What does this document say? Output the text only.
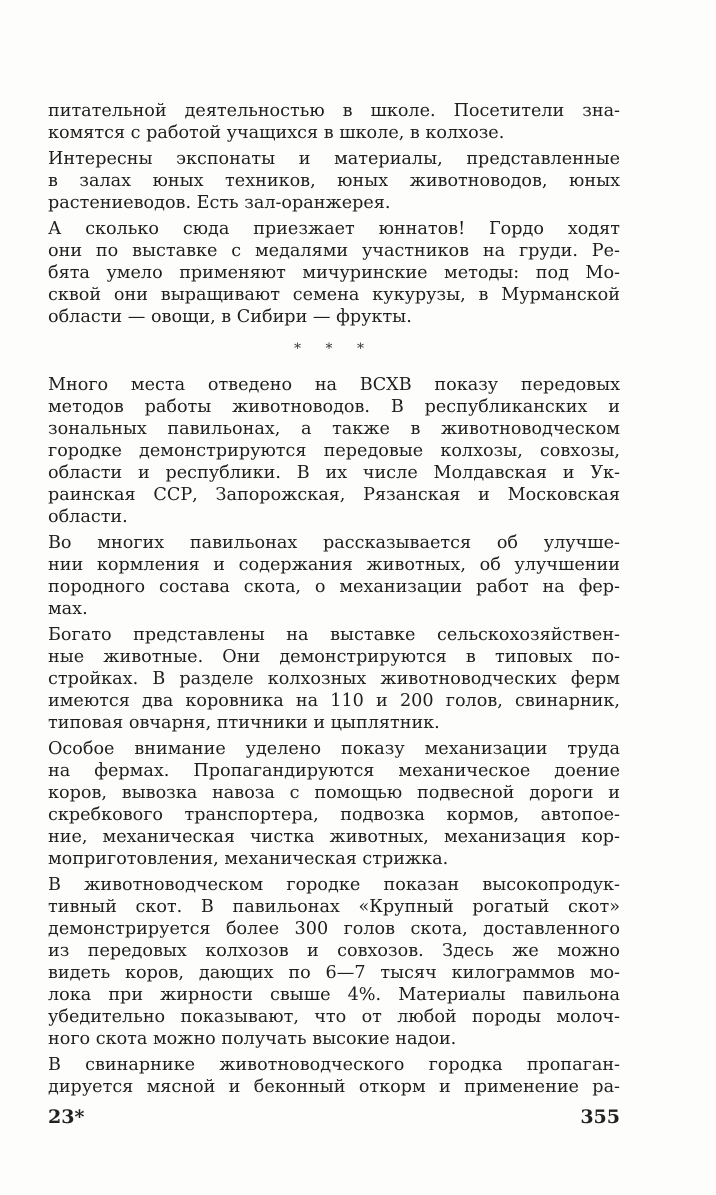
питательной деятельностью в школе. Посетители зна-
комятся с работой учащихся в школе, в колхозе.
Интересны экспонаты и материалы, представленные
в залах юных техников, юных животноводов, юных
растениеводов. Есть зал-оранжерея.
А сколько сюда приезжает юннатов! Гордо ходят
они по выставке с медалями участников на груди. Ре-
бята умело применяют мичуринские методы: под Мо-
сквой они выращивают семена кукурузы, в Мурманской
области — овощи, в Сибири — фрукты.
* * *
Много места отведено на ВСХВ показу передовых
методов работы животноводов. В республиканских и
зональных павильонах, а также в животноводческом
городке демонстрируются передовые колхозы, совхозы,
области и республики. В их числе Молдавская и Ук-
раинская ССР, Запорожская, Рязанская и Московская
области.
Во многих павильонах рассказывается об улучше-
нии кормления и содержания животных, об улучшении
породного состава скота, о механизации работ на фер-
мах.
Богато представлены на выставке сельскохозяйствен-
ные животные. Они демонстрируются в типовых по-
стройках. В разделе колхозных животноводческих ферм
имеются два коровника на 110 и 200 голов, свинарник,
типовая овчарня, птичники и цыплятник.
Особое внимание уделено показу механизации труда
на фермах. Пропагандируются механическое доение
коров, вывозка навоза с помощью подвесной дороги и
скребкового транспортера, подвозка кормов, автопое-
ние, механическая чистка животных, механизация кор-
моприготовления, механическая стрижка.
В животноводческом городке показан высокопродук-
тивный скот. В павильонах «Крупный рогатый скот»
демонстрируется более 300 голов скота, доставленного
из передовых колхозов и совхозов. Здесь же можно
видеть коров, дающих по 6—7 тысяч килограммов мо-
лока при жирности свыше 4%. Материалы павильона
убедительно показывают, что от любой породы молоч-
ного скота можно получать высокие надои.
В свинарнике животноводческого городка пропаган-
дируется мясной и беконный откорм и применение ра-
23*	355
